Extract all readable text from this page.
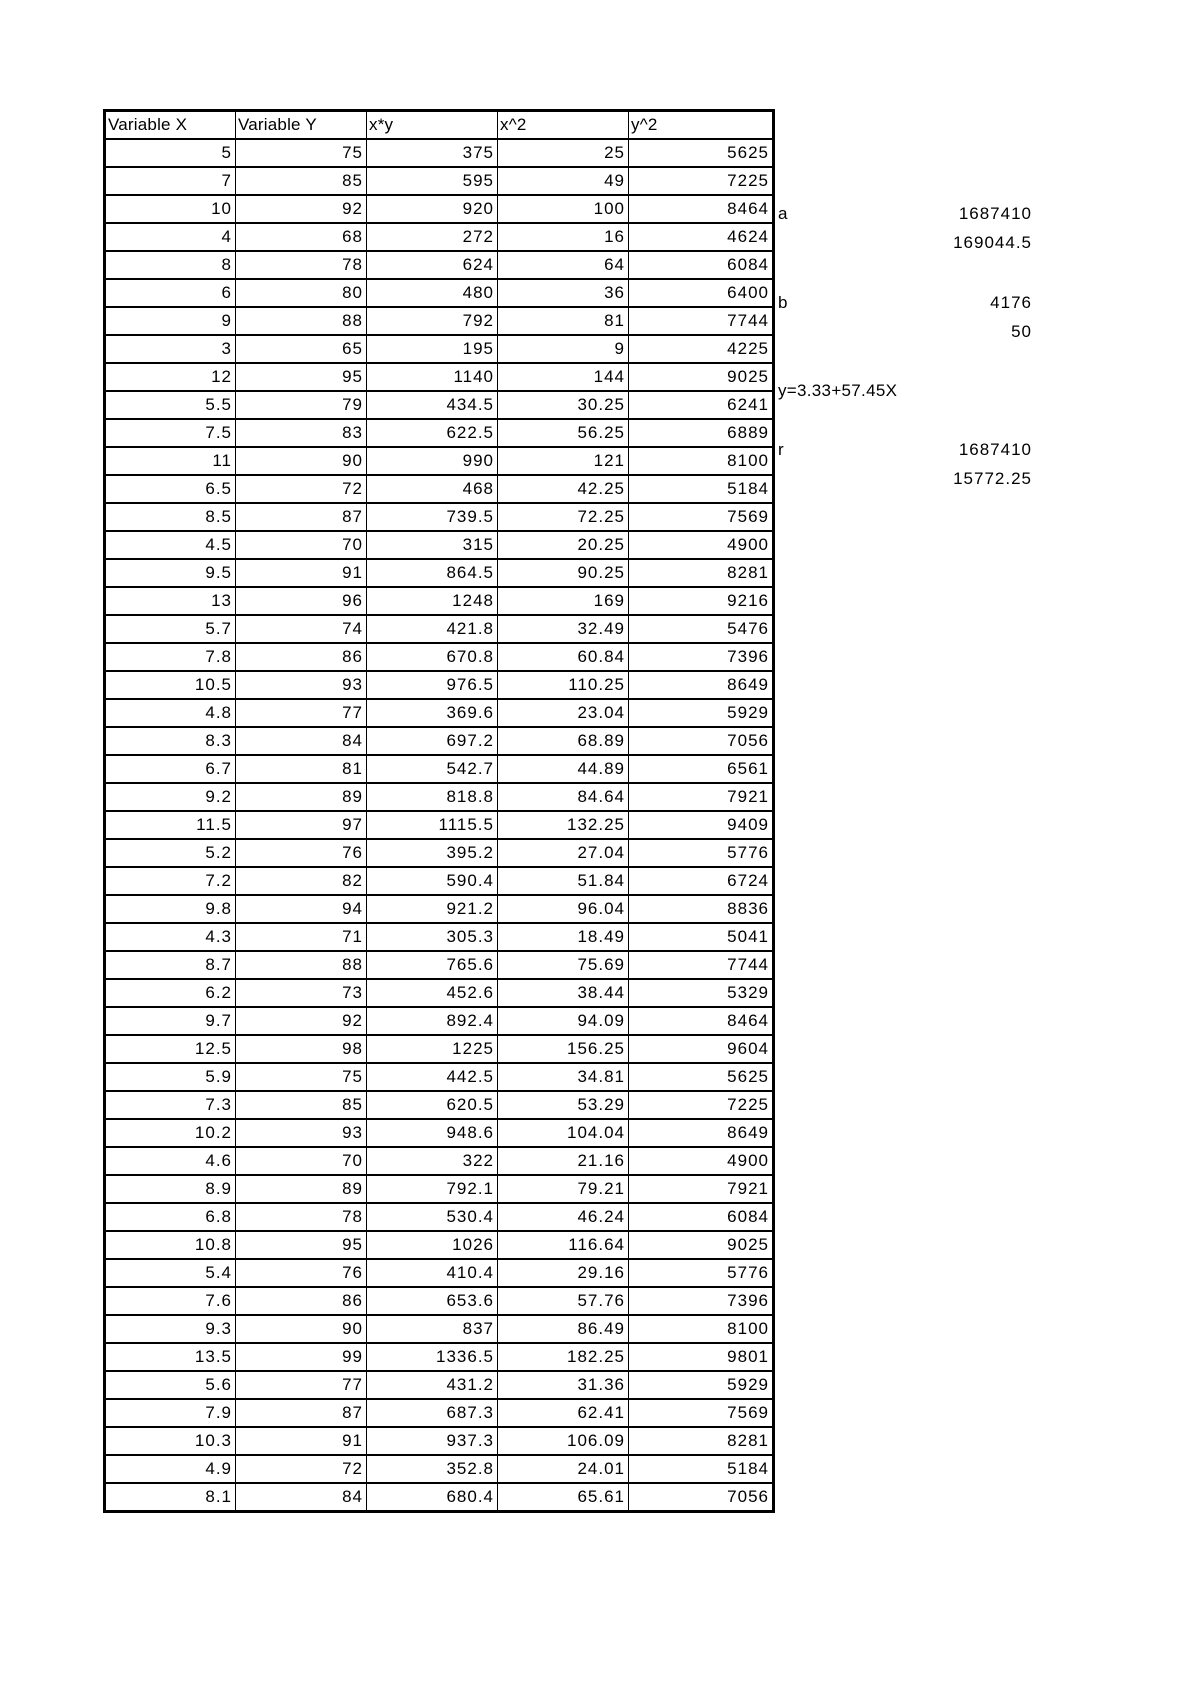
Variable X	Variable Y	x*y	x^2	y^2
5	75	375	25	5625
7	85	595	49	7225
10	92	920	100	8464
4	68	272	16	4624
8	78	624	64	6084
6	80	480	36	6400
9	88	792	81	7744
3	65	195	9	4225
12	95	1140	144	9025
5.5	79	434.5	30.25	6241
7.5	83	622.5	56.25	6889
11	90	990	121	8100
6.5	72	468	42.25	5184
8.5	87	739.5	72.25	7569
4.5	70	315	20.25	4900
9.5	91	864.5	90.25	8281
13	96	1248	169	9216
5.7	74	421.8	32.49	5476
7.8	86	670.8	60.84	7396
10.5	93	976.5	110.25	8649
4.8	77	369.6	23.04	5929
8.3	84	697.2	68.89	7056
6.7	81	542.7	44.89	6561
9.2	89	818.8	84.64	7921
11.5	97	1115.5	132.25	9409
5.2	76	395.2	27.04	5776
7.2	82	590.4	51.84	6724
9.8	94	921.2	96.04	8836
4.3	71	305.3	18.49	5041
8.7	88	765.6	75.69	7744
6.2	73	452.6	38.44	5329
9.7	92	892.4	94.09	8464
12.5	98	1225	156.25	9604
5.9	75	442.5	34.81	5625
7.3	85	620.5	53.29	7225
10.2	93	948.6	104.04	8649
4.6	70	322	21.16	4900
8.9	89	792.1	79.21	7921
6.8	78	530.4	46.24	6084
10.8	95	1026	116.64	9025
5.4	76	410.4	29.16	5776
7.6	86	653.6	57.76	7396
9.3	90	837	86.49	8100
13.5	99	1336.5	182.25	9801
5.6	77	431.2	31.36	5929
7.9	87	687.3	62.41	7569
10.3	91	937.3	106.09	8281
4.9	72	352.8	24.01	5184
8.1	84	680.4	65.61	7056
a	1687410
169044.5
b	4176
50
y=3.33+57.45X
r	1687410
15772.25
